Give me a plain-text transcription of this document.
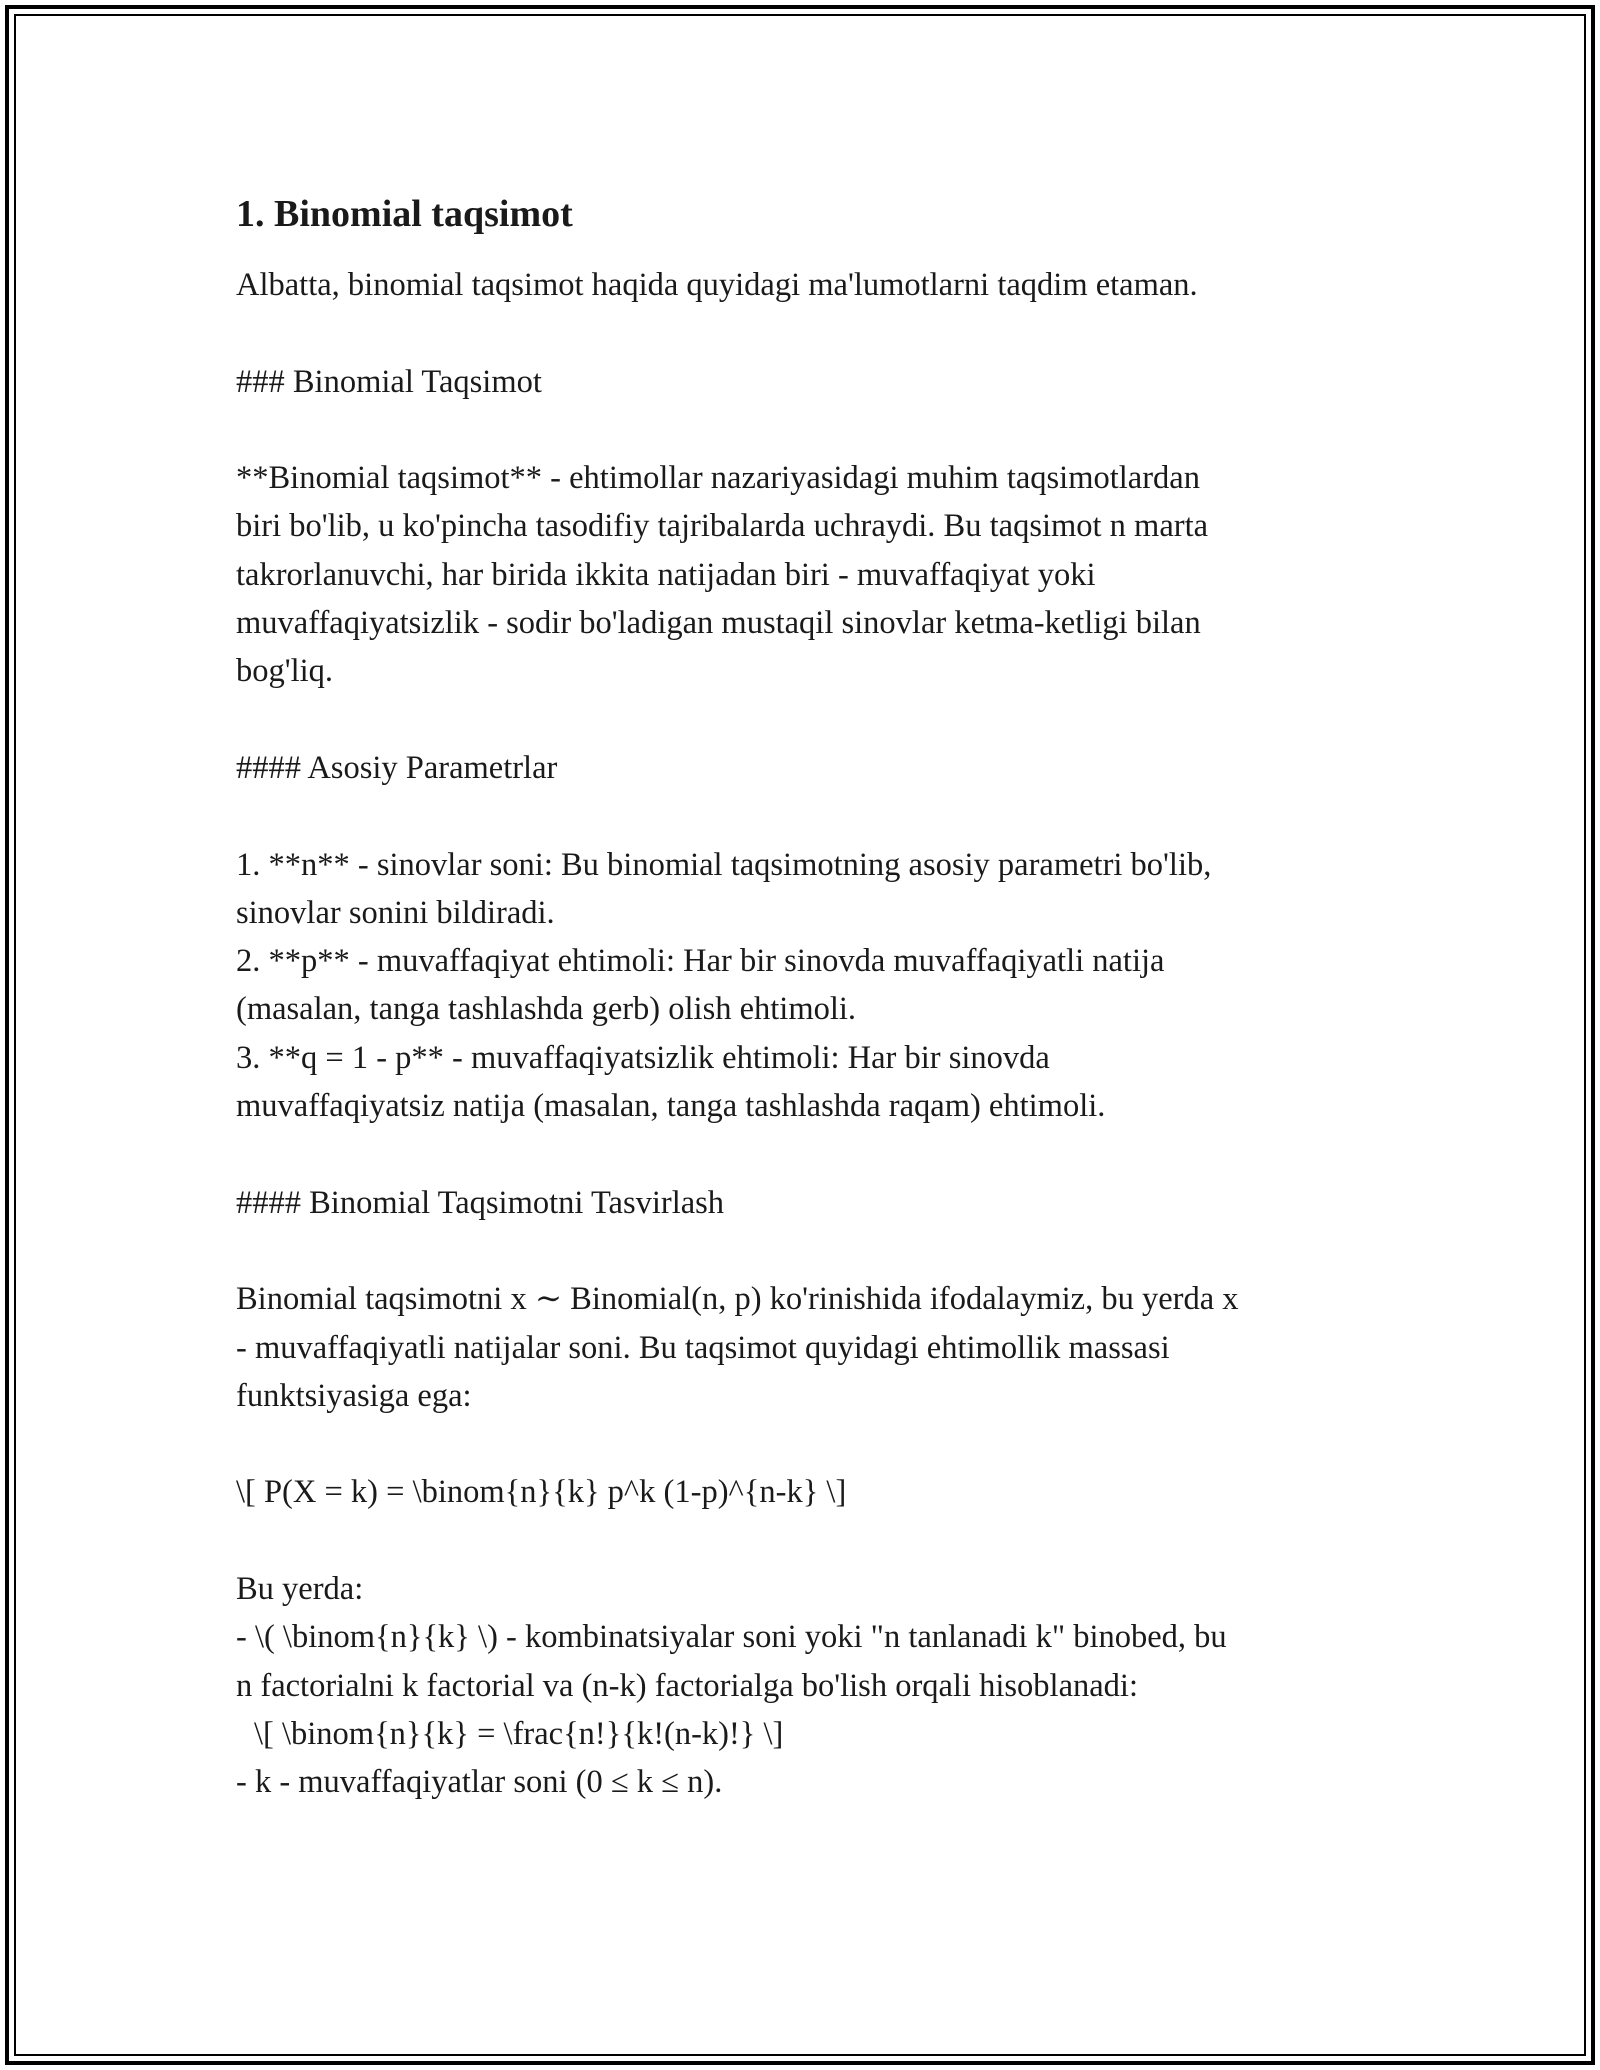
1. Binomial taqsimot

Albatta, binomial taqsimot haqida quyidagi ma'lumotlarni taqdim etaman.

### Binomial Taqsimot

**Binomial taqsimot** - ehtimollar nazariyasidagi muhim taqsimotlardan

biri bo'lib, u ko'pincha tasodifiy tajribalarda uchraydi. Bu taqsimot n marta

takrorlanuvchi, har birida ikkita natijadan biri - muvaffaqiyat yoki

muvaffaqiyatsizlik - sodir bo'ladigan mustaqil sinovlar ketma-ketligi bilan

bog'liq.

#### Asosiy Parametrlar

1. **n** - sinovlar soni: Bu binomial taqsimotning asosiy parametri bo'lib,

sinovlar sonini bildiradi.

2. **p** - muvaffaqiyat ehtimoli: Har bir sinovda muvaffaqiyatli natija

(masalan, tanga tashlashda gerb) olish ehtimoli.

3. **q = 1 - p** - muvaffaqiyatsizlik ehtimoli: Har bir sinovda

muvaffaqiyatsiz natija (masalan, tanga tashlashda raqam) ehtimoli.

#### Binomial Taqsimotni Tasvirlash

Binomial taqsimotni x ∼ Binomial(n, p) ko'rinishida ifodalaymiz, bu yerda x

- muvaffaqiyatli natijalar soni. Bu taqsimot quyidagi ehtimollik massasi

funktsiyasiga ega:

\[ P(X = k) = \binom{n}{k} p^k (1-p)^{n-k} \]

Bu yerda:

- \( \binom{n}{k} \) - kombinatsiyalar soni yoki "n tanlanadi k" binobed, bu

n factorialni k factorial va (n-k) factorialga bo'lish orqali hisoblanadi:

\[ \binom{n}{k} = \frac{n!}{k!(n-k)!} \]

- k - muvaffaqiyatlar soni (0 ≤ k ≤ n).
